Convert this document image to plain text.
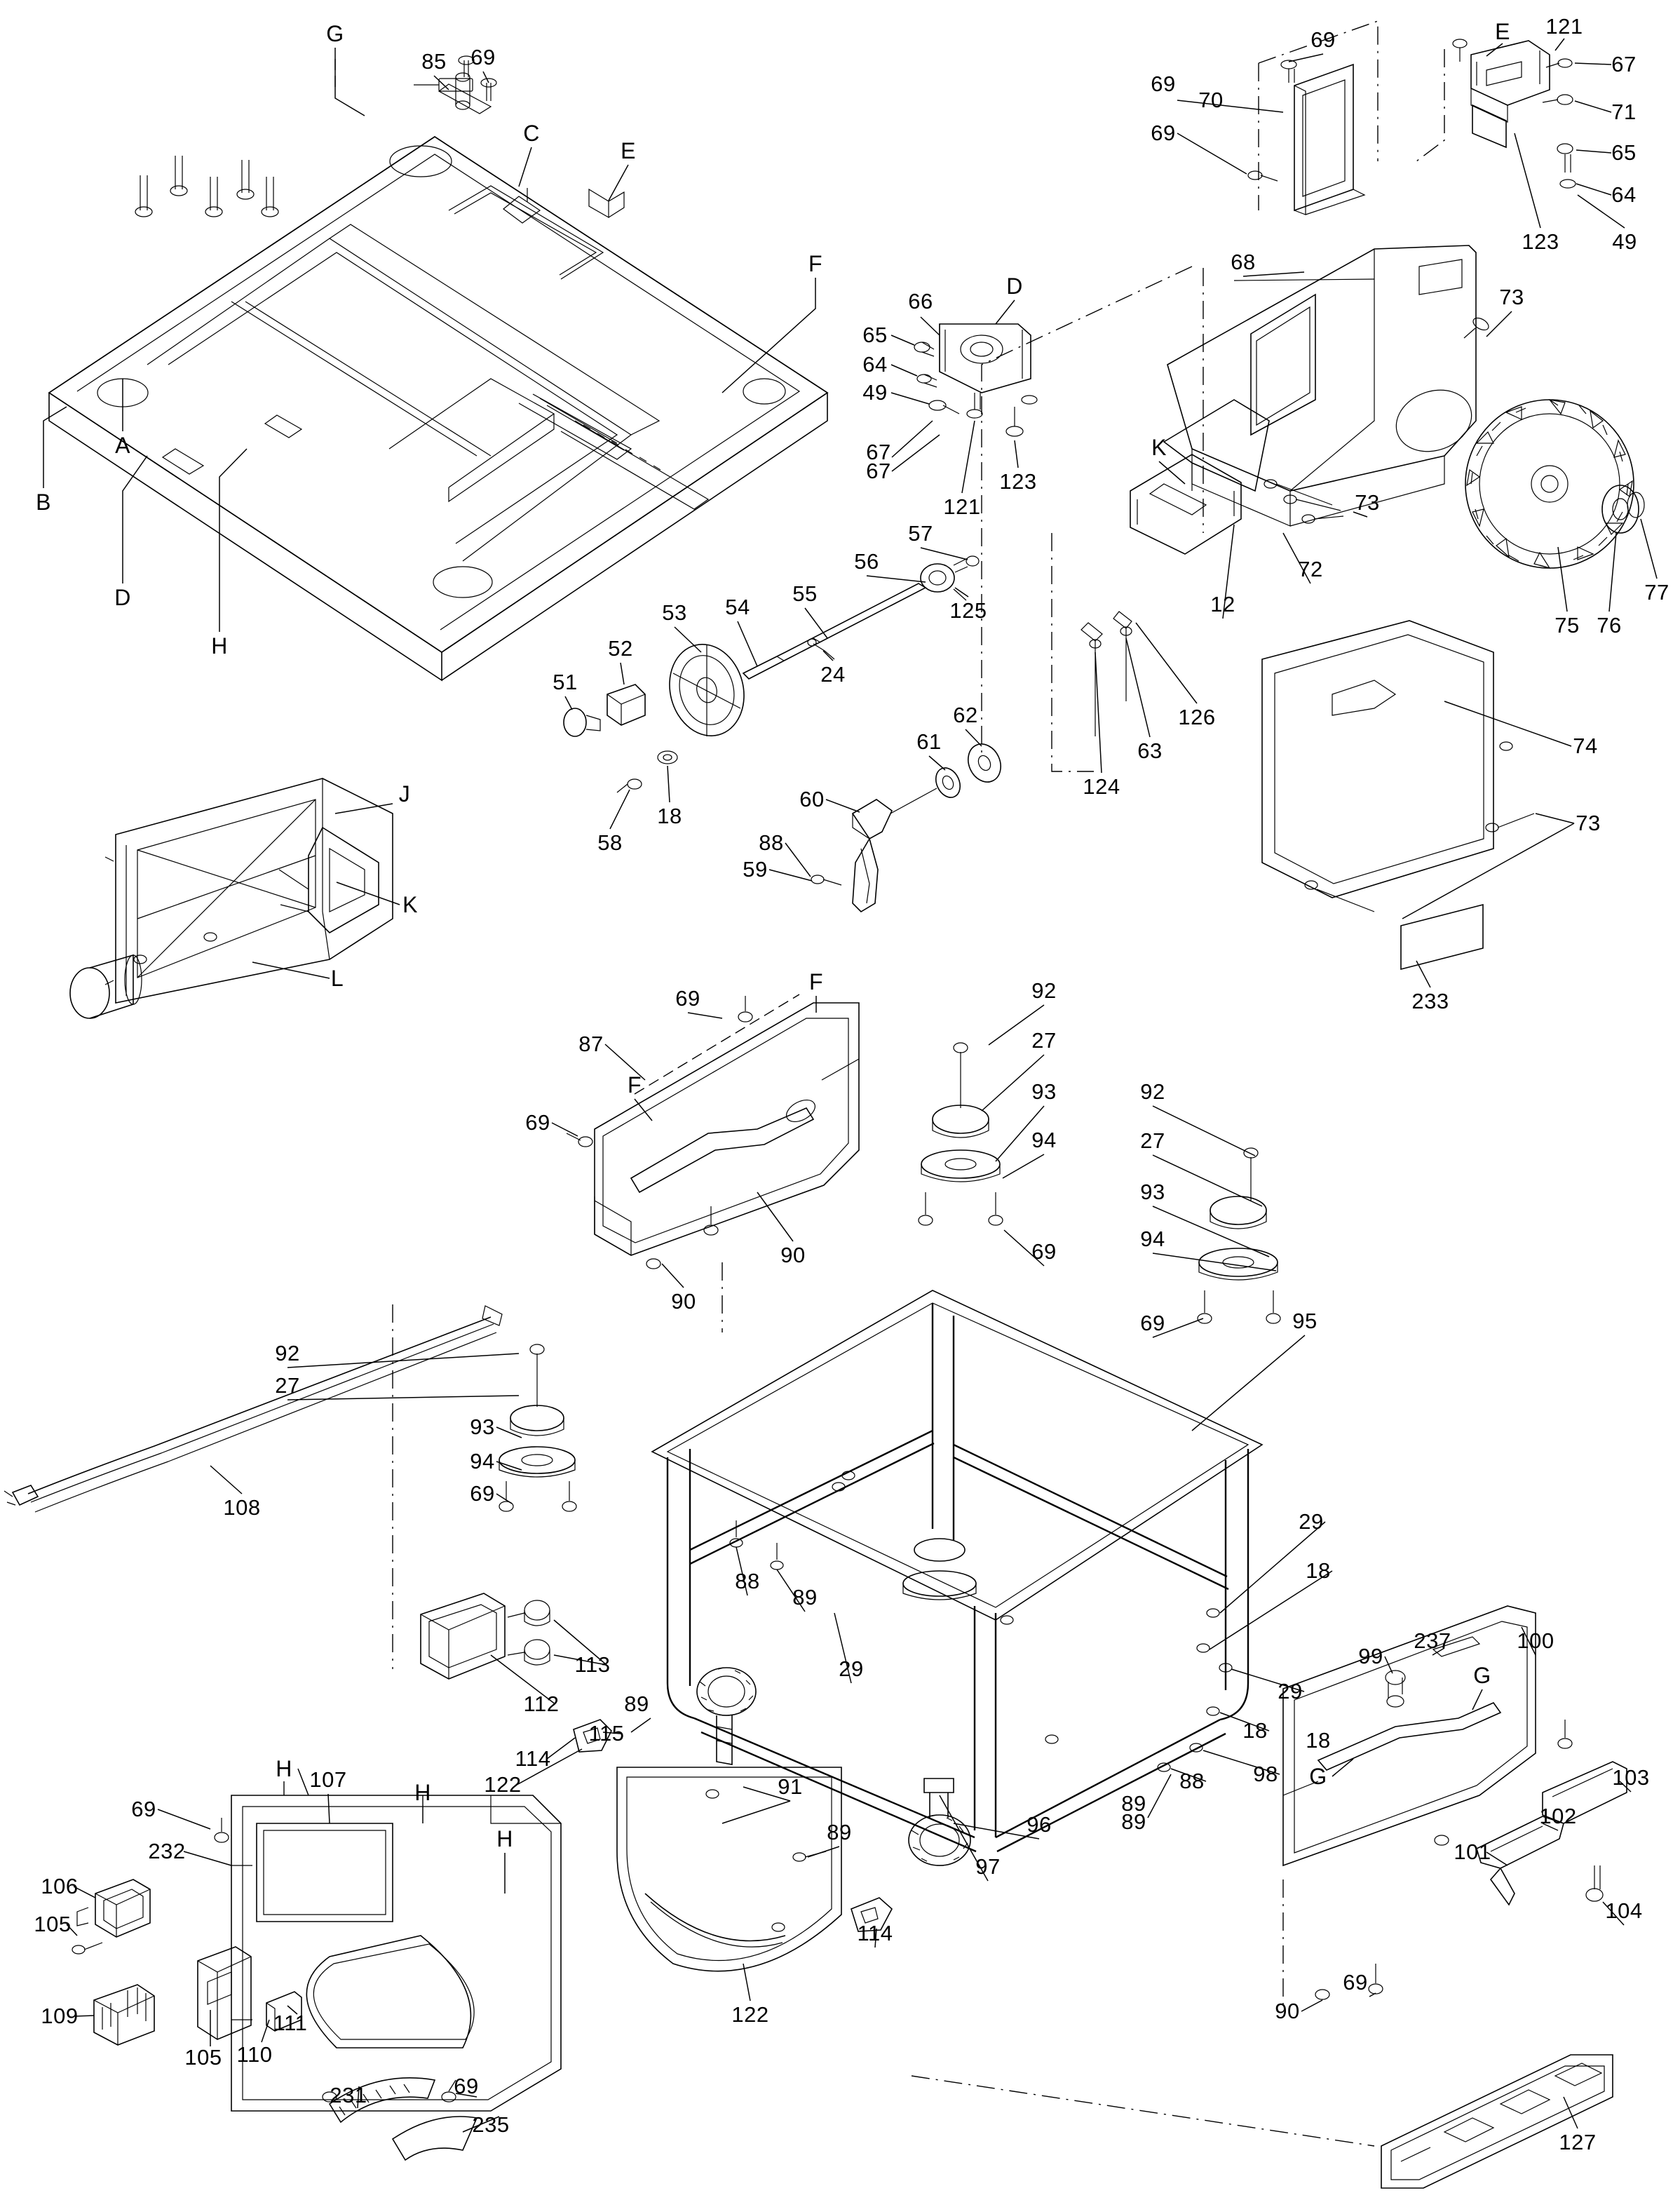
G
85 69
C
E
F
A
B
D
H
66
D
65
64
49
67
121
123
69	E 121
67
71
65
64
70
69
123 49
68
73
K
73
72
12
75 76
77
74
73
233
57
56
55
54
53
52
51
125
24
58
18
61
62
60
88
59
63
126
124
J
K
L
69
F
87
F
69
90
90
92
27
93
94
69
92
27
93
94
69	95
108
92
27
93
94
69
88
89
29
29
18
29
18
98
88
89
99
237	100
G
G	103
102
101
104
69
90
127
113
112	89
115
114
122	91
89	96
97
114
122
H 107
H
69
232
106
105
109
105 110
111
H
231	69
235
69
67
18
89
